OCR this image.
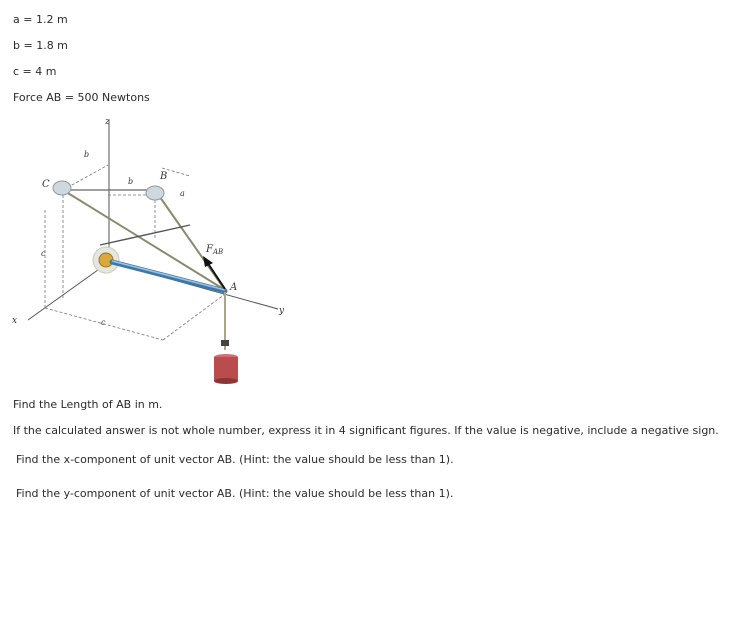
a = 1.2 m
b = 1.8 m
c = 4 m
Force AB = 500 Newtons
z
x
y
A
B
C
a
b
b
c
c
$F_{AB}$
Find the Length of AB in m.
If the calculated answer is not whole number, express it in 4 significant figures. If the value is negative, include a negative sign.
Find the x-component of unit vector AB. (Hint: the value should be less than 1).
Find the y-component of unit vector AB. (Hint: the value should be less than 1).
